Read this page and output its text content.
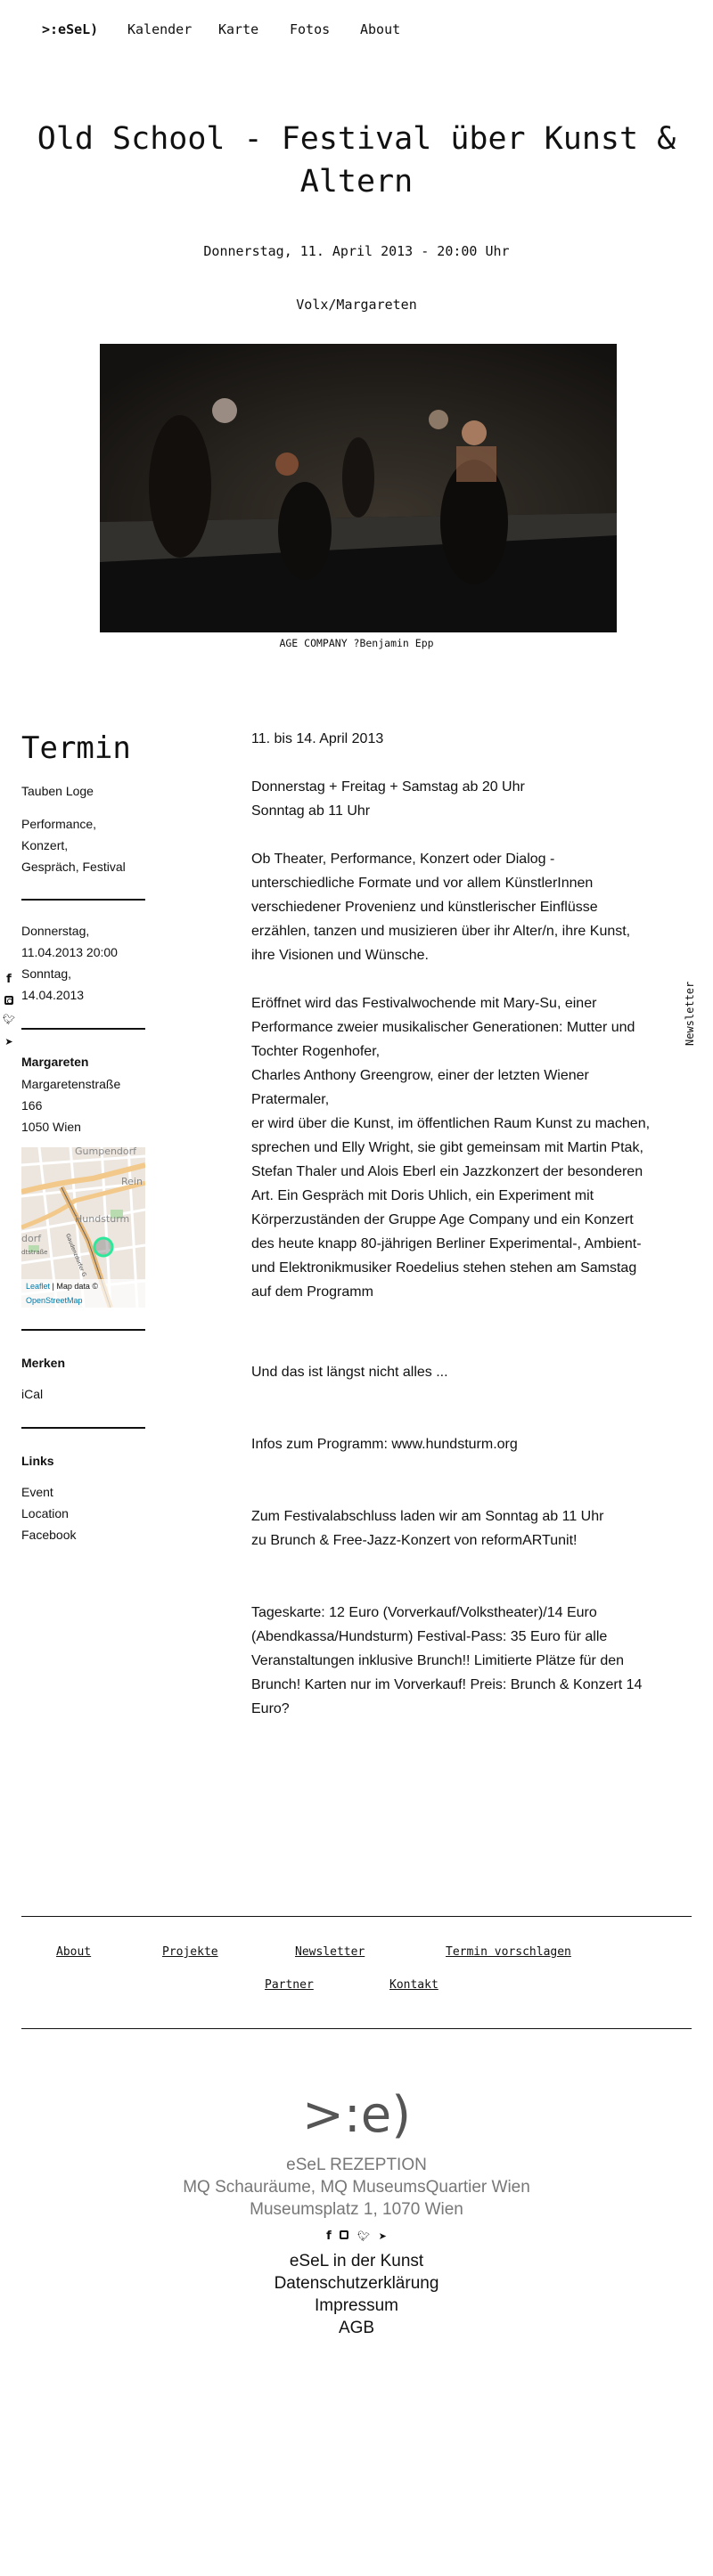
>:eSeL) Kalender Karte Fotos About
Old School - Festival über Kunst & Altern
Donnerstag, 11. April 2013 - 20:00 Uhr
Volx/Margareten
AGE COMPANY ?Benjamin Epp
Termin
Tauben Loge
Performance,
Konzert,
Gespräch, Festival
Donnerstag,
11.04.2013 20:00
Sonntag,
14.04.2013
Margareten
Margaretenstraße
166
1050 Wien
Gumpendorf
Rein
Hundsturm
dorf
dtstraße	Gaudenzdorfer G
Leaflet | Map data ©
OpenStreetMap
Merken
iCal
Links
Event
Location
Facebook

11. bis 14. April 2013

Donnerstag + Freitag + Samstag ab 20 Uhr
Sonntag ab 11 Uhr

Ob Theater, Performance, Konzert oder Dialog - unterschiedliche Formate und vor allem KünstlerInnen verschiedener Provenienz und künstlerischer Einflüsse erzählen, tanzen und musizieren über ihr Alter/n, ihre Kunst, ihre Visionen und Wünsche.

Eröffnet wird das Festivalwochende mit Mary-Su, einer Performance zweier musikalischer Generationen: Mutter und Tochter Rogenhofer,
Charles Anthony Greengrow, einer der letzten Wiener Pratermaler,
er wird über die Kunst, im öffentlichen Raum Kunst zu machen, sprechen und Elly Wright, sie gibt gemeinsam mit Martin Ptak, Stefan Thaler und Alois Eberl ein Jazzkonzert der besonderen Art. Ein Gespräch mit Doris Uhlich, ein Experiment mit Körperzuständen der Gruppe Age Company und ein Konzert des heute knapp 80-jährigen Berliner Experimental-, Ambient- und Elektronikmusiker Roedelius stehen stehen am Samstag auf dem Programm

Und das ist längst nicht alles ...

Infos zum Programm: www.hundsturm.org

Zum Festivalabschluss laden wir am Sonntag ab 11 Uhr
zu Brunch & Free-Jazz-Konzert von reformARTunit!

Tageskarte: 12 Euro (Vorverkauf/Volkstheater)/14 Euro (Abendkassa/Hundsturm) Festival-Pass: 35 Euro für alle Veranstaltungen inklusive Brunch!! Limitierte Plätze für den Brunch! Karten nur im Vorverkauf! Preis: Brunch & Konzert 14 Euro?

Newsletter
f
🐦︎
➤
About	Projekte	Newsletter	Termin vorschlagen
Partner	Kontakt
>:e)
eSeL REZEPTION
MQ Schauräume, MQ MuseumsQuartier Wien
Museumsplatz 1, 1070 Wien
f	🐦︎ ➤
eSeL in der Kunst
Datenschutzerklärung
Impressum
AGB
